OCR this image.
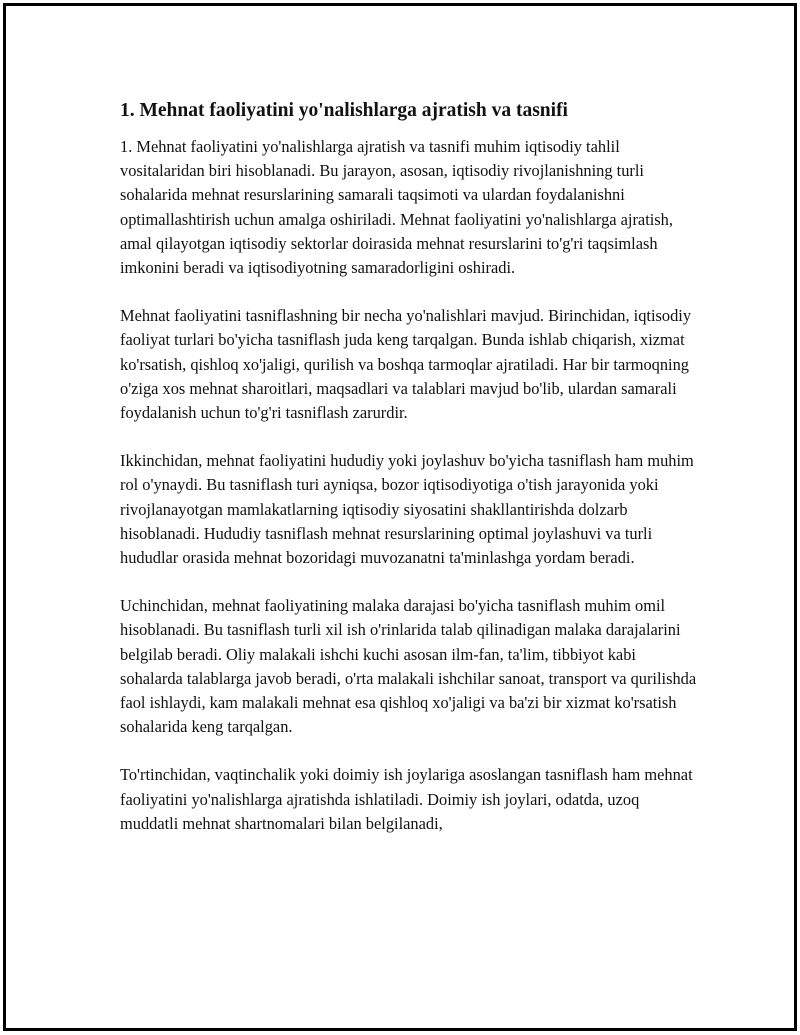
1. Mehnat faoliyatini yo'nalishlarga ajratish va tasnifi

1. Mehnat faoliyatini yo'nalishlarga ajratish va tasnifi muhim iqtisodiy tahlil vositalaridan biri hisoblanadi. Bu jarayon, asosan, iqtisodiy rivojlanishning turli sohalarida mehnat resurslarining samarali taqsimoti va ulardan foydalanishni optimallashtirish uchun amalga oshiriladi. Mehnat faoliyatini yo'nalishlarga ajratish, amal qilayotgan iqtisodiy sektorlar doirasida mehnat resurslarini to'g'ri taqsimlash imkonini beradi va iqtisodiyotning samaradorligini oshiradi.

Mehnat faoliyatini tasniflashning bir necha yo'nalishlari mavjud. Birinchidan, iqtisodiy faoliyat turlari bo'yicha tasniflash juda keng tarqalgan. Bunda ishlab chiqarish, xizmat ko'rsatish, qishloq xo'jaligi, qurilish va boshqa tarmoqlar ajratiladi. Har bir tarmoqning o'ziga xos mehnat sharoitlari, maqsadlari va talablari mavjud bo'lib, ulardan samarali foydalanish uchun to'g'ri tasniflash zarurdir.

Ikkinchidan, mehnat faoliyatini hududiy yoki joylashuv bo'yicha tasniflash ham muhim rol o'ynaydi. Bu tasniflash turi ayniqsa, bozor iqtisodiyotiga o'tish jarayonida yoki rivojlanayotgan mamlakatlarning iqtisodiy siyosatini shakllantirishda dolzarb hisoblanadi. Hududiy tasniflash mehnat resurslarining optimal joylashuvi va turli hududlar orasida mehnat bozoridagi muvozanatni ta'minlashga yordam beradi.

Uchinchidan, mehnat faoliyatining malaka darajasi bo'yicha tasniflash muhim omil hisoblanadi. Bu tasniflash turli xil ish o'rinlarida talab qilinadigan malaka darajalarini belgilab beradi. Oliy malakali ishchi kuchi asosan ilm-fan, ta'lim, tibbiyot kabi sohalarda talablarga javob beradi, o'rta malakali ishchilar sanoat, transport va qurilishda faol ishlaydi, kam malakali mehnat esa qishloq xo'jaligi va ba'zi bir xizmat ko'rsatish sohalarida keng tarqalgan.

To'rtinchidan, vaqtinchalik yoki doimiy ish joylariga asoslangan tasniflash ham mehnat faoliyatini yo'nalishlarga ajratishda ishlatiladi. Doimiy ish joylari, odatda, uzoq muddatli mehnat shartnomalari bilan belgilanadi,
